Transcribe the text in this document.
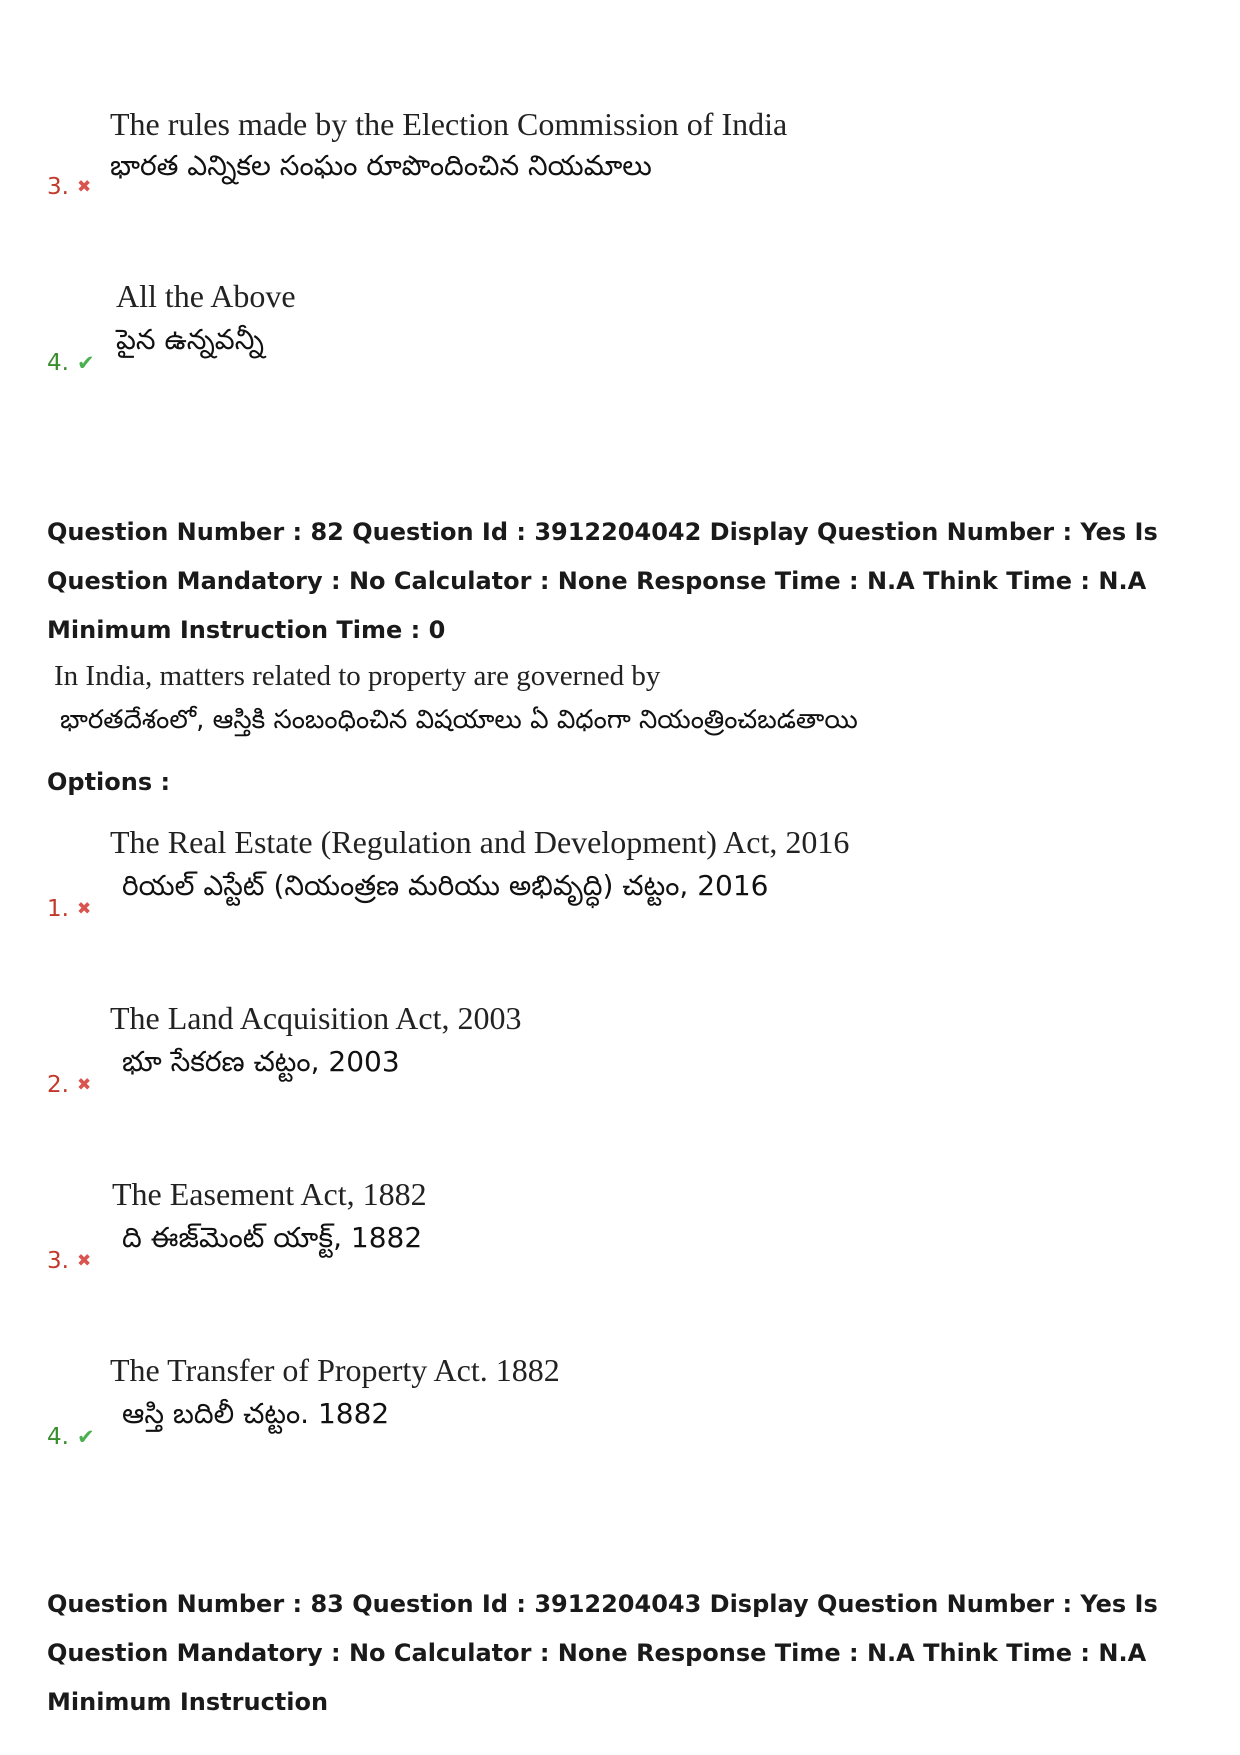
The rules made by the Election Commission of India
భారత ఎన్నికల సంఘం రూపొందించిన నియమాలు
3. ✖
All the Above
పైన ఉన్నవన్నీ
4. ✔
Question Number : 82 Question Id : 3912204042 Display Question Number : Yes Is Question Mandatory : No Calculator : None Response Time : N.A Think Time : N.A Minimum Instruction Time : 0
In India, matters related to property are governed by
భారతదేశంలో, ఆస్తికి సంబంధించిన విషయాలు ఏ విధంగా నియంత్రించబడతాయి
Options :
The Real Estate (Regulation and Development) Act, 2016
రియల్ ఎస్టేట్ (నియంత్రణ మరియు అభివృద్ధి) చట్టం, 2016
1. ✖
The Land Acquisition Act, 2003
భూ సేకరణ చట్టం, 2003
2. ✖
The Easement Act, 1882
ది ఈజ్‌మెంట్ యాక్ట్, 1882
3. ✖
The Transfer of Property Act. 1882
ఆస్తి బదిలీ చట్టం. 1882
4. ✔
Question Number : 83 Question Id : 3912204043 Display Question Number : Yes Is Question Mandatory : No Calculator : None Response Time : N.A Think Time : N.A Minimum Instruction
